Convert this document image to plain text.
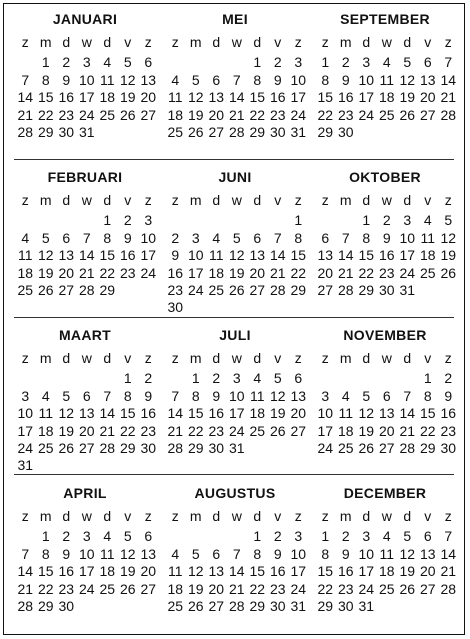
JANUARI
z m d w d v z
1 2 3 4 5 6
7 8 9 10 11 12 13
14 15 16 17 18 19 20
21 22 23 24 25 26 27
28 29 30 31
MEI
z m d w d v z
1 2 3
4 5 6 7 8 9 10
11 12 13 14 15 16 17
18 19 20 21 22 23 24
25 26 27 28 29 30 31
SEPTEMBER
z m d w d v z
1 2 3 4 5 6 7
8 9 10 11 12 13 14
15 16 17 18 19 20 21
22 23 24 25 26 27 28
29 30
FEBRUARI
z m d w d v z
1 2 3
4 5 6 7 8 9 10
11 12 13 14 15 16 17
18 19 20 21 22 23 24
25 26 27 28 29
JUNI
z m d w d v z
1
2 3 4 5 6 7 8
9 10 11 12 13 14 15
16 17 18 19 20 21 22
23 24 25 26 27 28 29
30
OKTOBER
z m d w d v z
1 2 3 4 5
6 7 8 9 10 11 12
13 14 15 16 17 18 19
20 21 22 23 24 25 26
27 28 29 30 31
MAART
z m d w d v z
1 2
3 4 5 6 7 8 9
10 11 12 13 14 15 16
17 18 19 20 21 22 23
24 25 26 27 28 29 30
31
JULI
z m d w d v z
1 2 3 4 5 6
7 8 9 10 11 12 13
14 15 16 17 18 19 20
21 22 23 24 25 26 27
28 29 30 31
NOVEMBER
z m d w d v z
1 2
3 4 5 6 7 8 9
10 11 12 13 14 15 16
17 18 19 20 21 22 23
24 25 26 27 28 29 30
APRIL
z m d w d v z
1 2 3 4 5 6
7 8 9 10 11 12 13
14 15 16 17 18 19 20
21 22 23 24 25 26 27
28 29 30
AUGUSTUS
z m d w d v z
1 2 3
4 5 6 7 8 9 10
11 12 13 14 15 16 17
18 19 20 21 22 23 24
25 26 27 28 29 30 31
DECEMBER
z m d w d v z
1 2 3 4 5 6 7
8 9 10 11 12 13 14
15 16 17 18 19 20 21
22 23 24 25 26 27 28
29 30 31
